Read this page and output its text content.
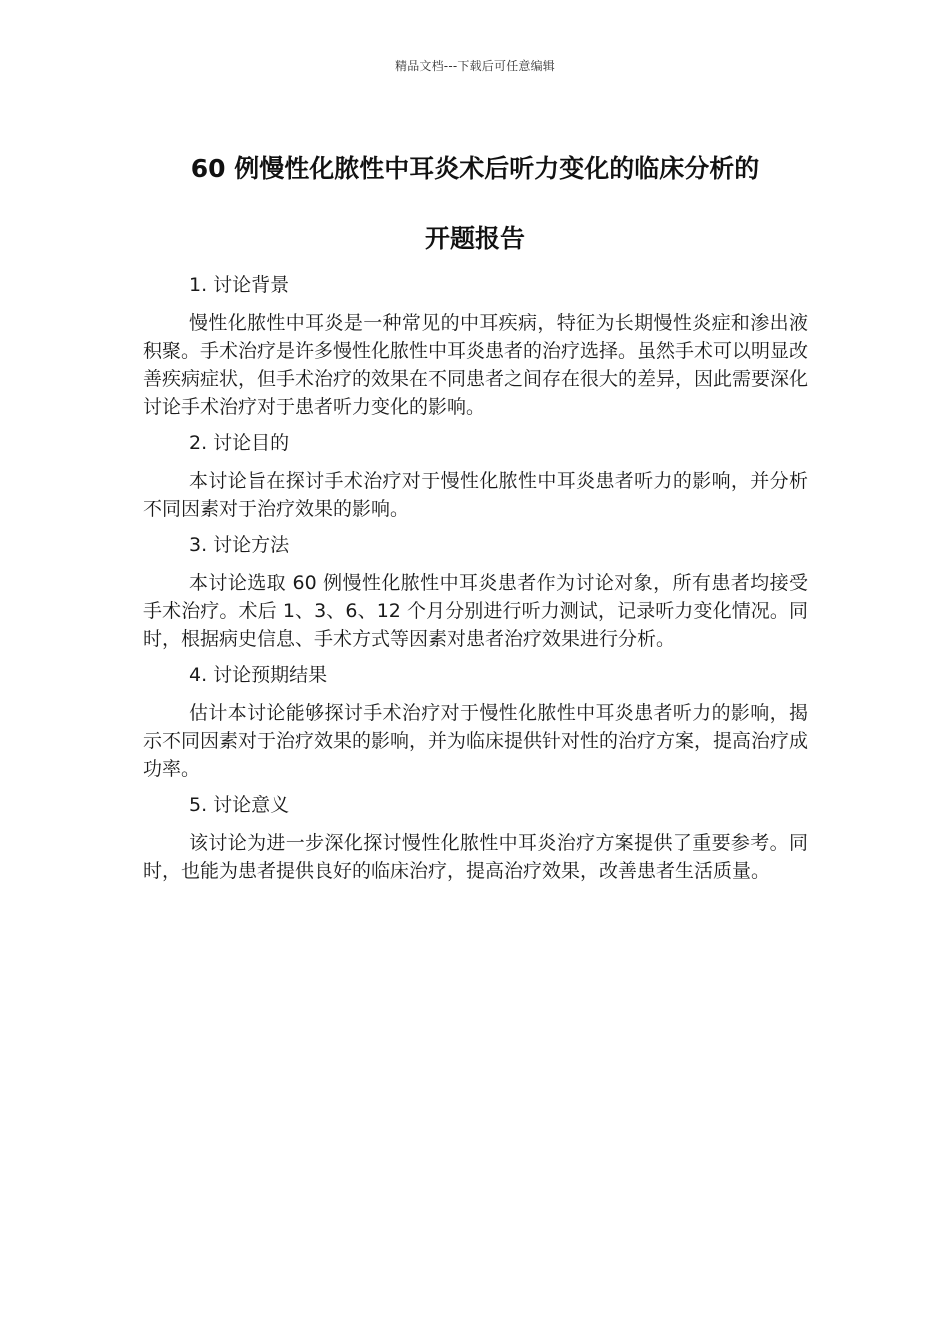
精品文档---下载后可任意编辑
60 例慢性化脓性中耳炎术后听力变化的临床分析的
开题报告

1. 讨论背景

慢性化脓性中耳炎是一种常见的中耳疾病，特征为长期慢性炎症和渗出液积聚。手术治疗是许多慢性化脓性中耳炎患者的治疗选择。虽然手术可以明显改善疾病症状，但手术治疗的效果在不同患者之间存在很大的差异，因此需要深化讨论手术治疗对于患者听力变化的影响。

2. 讨论目的

本讨论旨在探讨手术治疗对于慢性化脓性中耳炎患者听力的影响，并分析不同因素对于治疗效果的影响。

3. 讨论方法

本讨论选取 60 例慢性化脓性中耳炎患者作为讨论对象，所有患者均接受手术治疗。术后 1、3、6、12 个月分别进行听力测试，记录听力变化情况。同时，根据病史信息、手术方式等因素对患者治疗效果进行分析。

4. 讨论预期结果

估计本讨论能够探讨手术治疗对于慢性化脓性中耳炎患者听力的影响，揭示不同因素对于治疗效果的影响，并为临床提供针对性的治疗方案，提高治疗成功率。

5. 讨论意义

该讨论为进一步深化探讨慢性化脓性中耳炎治疗方案提供了重要参考。同时，也能为患者提供良好的临床治疗，提高治疗效果，改善患者生活质量。
